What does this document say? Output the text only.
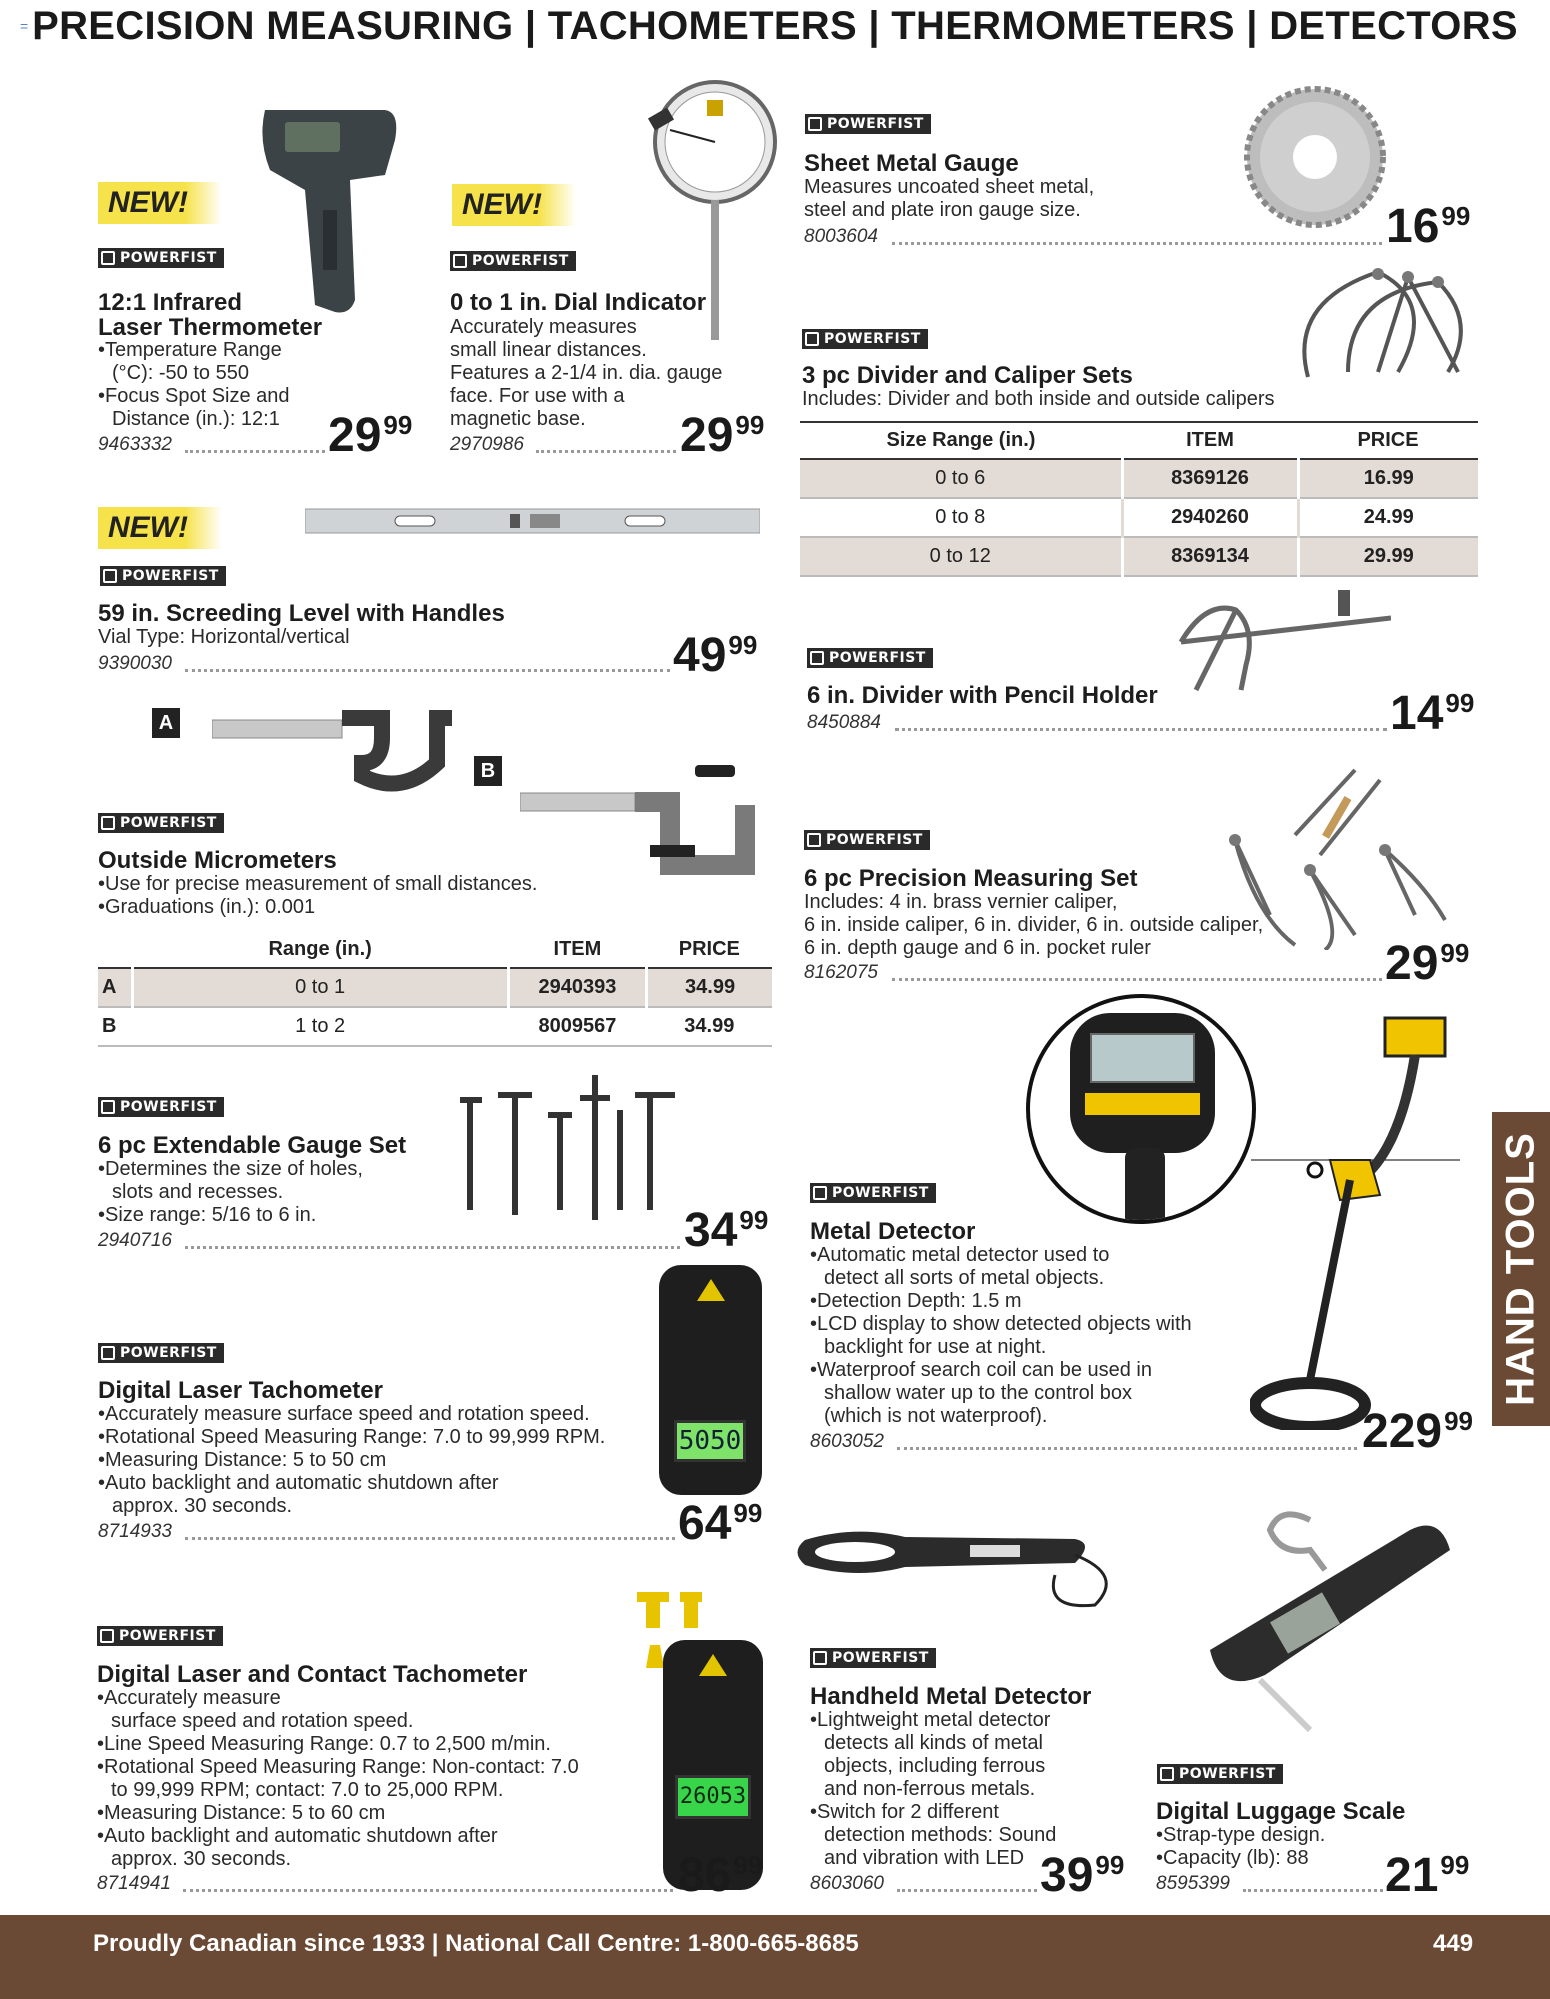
= PRECISION MEASURING | TACHOMETERS | THERMOMETERS | DETECTORS
NEW!
POWERFIST
12:1 Infrared
Laser Thermometer
•Temperature Range
(°C): -50 to 550
•Focus Spot Size and
Distance (in.): 12:1
9463332	$29^{99}$
NEW!
POWERFIST
0 to 1 in. Dial Indicator
Accurately measures
small linear distances.
Features a 2-1/4 in. dia. gauge
face. For use with a
magnetic base.
2970986	$29^{99}$
NEW!
POWERFIST
59 in. Screeding Level with Handles
Vial Type: Horizontal/vertical
9390030	$49^{99}$
A
B
POWERFIST
Outside Micrometers
•Use for precise measurement of small distances.
•Graduations (in.): 0.001
	Range (in.)	ITEM	PRICE
A	0 to 1	2940393	34.99
B	1 to 2	8009567	34.99
POWERFIST
6 pc Extendable Gauge Set
•Determines the size of holes,
slots and recesses.
•Size range: 5/16 to 6 in.
2940716	$34^{99}$
5050
POWERFIST
Digital Laser Tachometer
•Accurately measure surface speed and rotation speed.
•Rotational Speed Measuring Range: 7.0 to 99,999 RPM.
•Measuring Distance: 5 to 50 cm
•Auto backlight and automatic shutdown after
approx. 30 seconds.
8714933	$64^{99}$
26053
POWERFIST
Digital Laser and Contact Tachometer
•Accurately measure
surface speed and rotation speed.
•Line Speed Measuring Range: 0.7 to 2,500 m/min.
•Rotational Speed Measuring Range: Non-contact: 7.0
to 99,999 RPM; contact: 7.0 to 25,000 RPM.
•Measuring Distance: 5 to 60 cm
•Auto backlight and automatic shutdown after
approx. 30 seconds.
8714941	$86^{99}$
POWERFIST
Sheet Metal Gauge
Measures uncoated sheet metal,
steel and plate iron gauge size.
8003604	$16^{99}$
POWERFIST
3 pc Divider and Caliper Sets
Includes: Divider and both inside and outside calipers
Size Range (in.)	ITEM	PRICE
0 to 6	8369126	16.99
0 to 8	2940260	24.99
0 to 12	8369134	29.99
POWERFIST
6 in. Divider with Pencil Holder
8450884	$14^{99}$
POWERFIST
6 pc Precision Measuring Set
Includes: 4 in. brass vernier caliper,
6 in. inside caliper, 6 in. divider, 6 in. outside caliper,
6 in. depth gauge and 6 in. pocket ruler
8162075	$29^{99}$
POWERFIST
Metal Detector
•Automatic metal detector used to
detect all sorts of metal objects.
•Detection Depth: 1.5 m
•LCD display to show detected objects with
backlight for use at night.
•Waterproof search coil can be used in
shallow water up to the control box
(which is not waterproof).
8603052	$229^{99}$
POWERFIST
Handheld Metal Detector
•Lightweight metal detector
detects all kinds of metal
objects, including ferrous
and non-ferrous metals.
•Switch for 2 different
detection methods: Sound
and vibration with LED
8603060	$39^{99}$
POWERFIST
Digital Luggage Scale
•Strap-type design.
•Capacity (lb): 88
8595399	$21^{99}$
HAND TOOLS
Proudly Canadian since 1933 | National Call Centre: 1-800-665-8685	449
